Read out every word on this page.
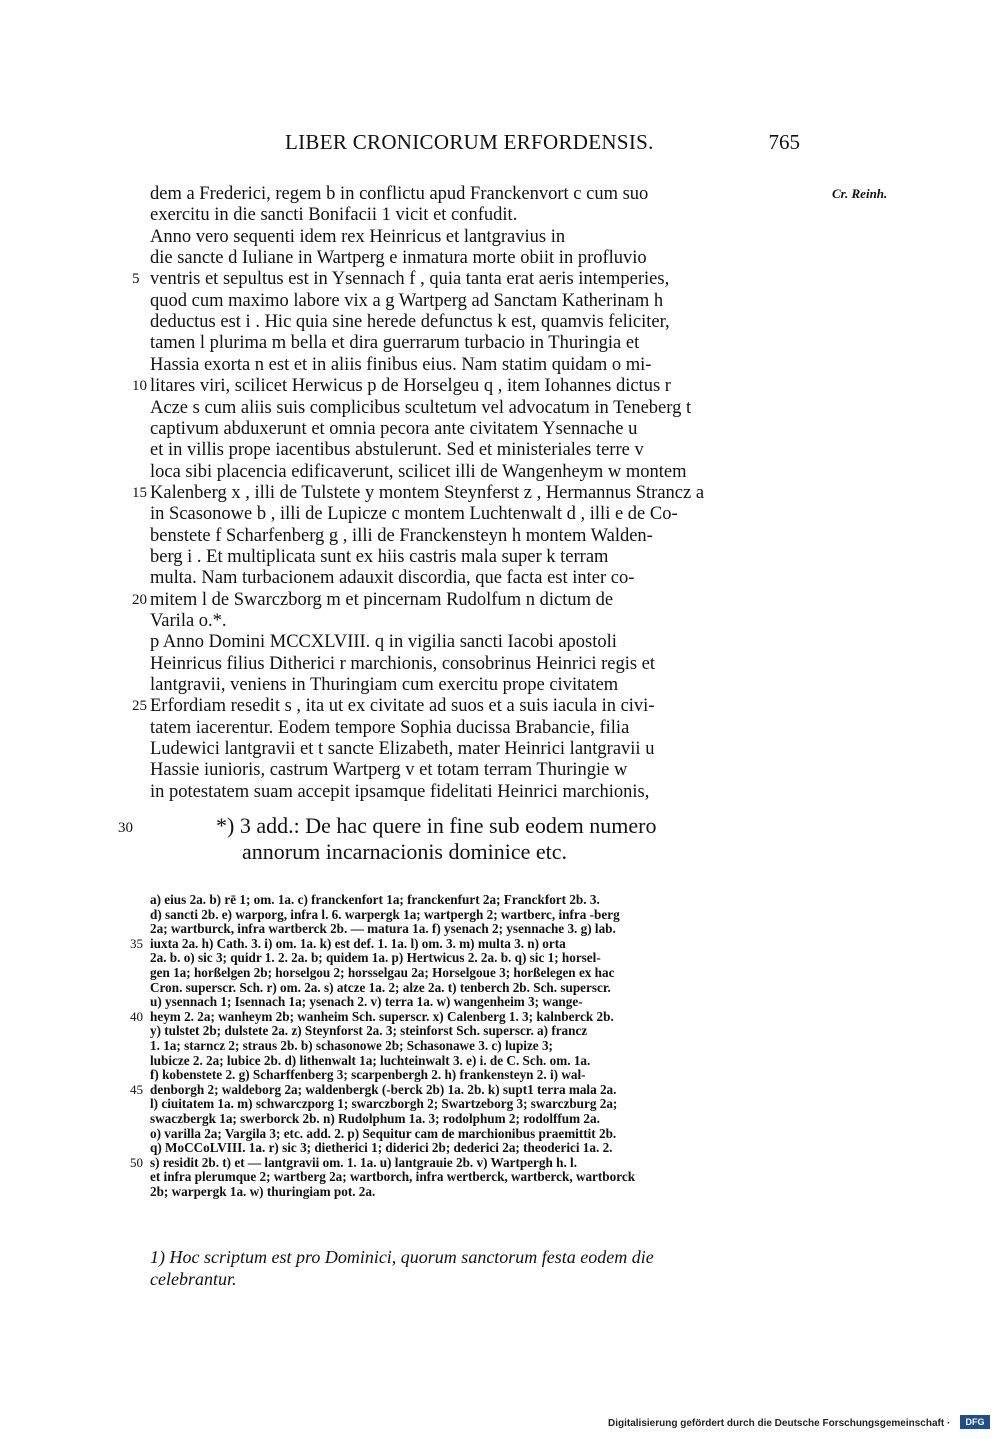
LIBER CRONICORUM ERFORDENSIS.	765
Cr. Reinh.
dem a Frederici, regem b in conflictu apud Franckenvort c cum suo
exercitu in die sancti Bonifacii 1 vicit et confudit.
Anno vero sequenti idem rex Heinricus et lantgravius in
die sancte d Iuliane in Wartperg e inmatura morte obiit in profluvio
5 ventris et sepultus est in Ysennach f , quia tanta erat aeris intemperies,
quod cum maximo labore vix a g Wartperg ad Sanctam Katherinam h
deductus est i . Hic quia sine herede defunctus k est, quamvis feliciter,
tamen l plurima m bella et dira guerrarum turbacio in Thuringia et
Hassia exorta n est et in aliis finibus eius. Nam statim quidam o mi-
10 litares viri, scilicet Herwicus p de Horselgeu q , item Iohannes dictus r
Acze s cum aliis suis complicibus scultetum vel advocatum in Teneberg t
captivum abduxerunt et omnia pecora ante civitatem Ysennache u
et in villis prope iacentibus abstulerunt. Sed et ministeriales terre v
loca sibi placencia edificaverunt, scilicet illi de Wangenheym w montem
15 Kalenberg x , illi de Tulstete y montem Steynferst z , Hermannus Strancz a
in Scasonowe b , illi de Lupicze c montem Luchtenwalt d , illi e de Co-
benstete f Scharfenberg g , illi de Franckensteyn h montem Walden-
berg i . Et multiplicata sunt ex hiis castris mala super k terram
multa. Nam turbacionem adauxit discordia, que facta est inter co-
20 mitem l de Swarczborg m et pincernam Rudolfum n dictum de
Varila o.*.
p Anno Domini MCCXLVIII. q in vigilia sancti Iacobi apostoli
Heinricus filius Ditherici r marchionis, consobrinus Heinrici regis et
lantgravii, veniens in Thuringiam cum exercitu prope civitatem
25 Erfordiam resedit s , ita ut ex civitate ad suos et a suis iacula in civi-
tatem iacerentur. Eodem tempore Sophia ducissa Brabancie, filia
Ludewici lantgravii et t sancte Elizabeth, mater Heinrici lantgravii u
Hassie iunioris, castrum Wartperg v et totam terram Thuringie w
in potestatem suam accepit ipsamque fidelitati Heinrici marchionis,
30	*) 3 add.: De hac quere in fine sub eodem numero
annorum incarnacionis dominice etc.
a) eius 2a. b) rē 1; om. 1a. c) franckenfort 1a; franckenfurt 2a; Franckfort 2b. 3.
d) sancti 2b. e) warporg, infra l. 6. warpergk 1a; wartpergh 2; wartberc, infra -berg
2a; wartburck, infra wartberck 2b. — matura 1a. f) ysenach 2; ysennache 3. g) lab.
35 iuxta 2a. h) Cath. 3. i) om. 1a. k) est def. 1. 1a. l) om. 3. m) multa 3. n) orta
2a. b. o) sic 3; quidr 1. 2. 2a. b; quidem 1a. p) Hertwicus 2. 2a. b. q) sic 1; horsel-
gen 1a; horßelgen 2b; horselgou 2; horsselgau 2a; Horselgoue 3; horßelegen ex hac
Cron. superscr. Sch. r) om. 2a. s) atcze 1a. 2; alze 2a. t) tenberch 2b. Sch. superscr.
u) ysennach 1; Isennach 1a; ysenach 2. v) terra 1a. w) wangenheim 3; wange-
40 heym 2. 2a; wanheym 2b; wanheim Sch. superscr. x) Calenberg 1. 3; kalnberck 2b.
y) tulstet 2b; dulstete 2a. z) Steynforst 2a. 3; steinforst Sch. superscr. a) francz
1. 1a; starncz 2; straus 2b. b) schasonowe 2b; Schasonawe 3. c) lupize 3;
lubicze 2. 2a; lubice 2b. d) lithenwalt 1a; luchteinwalt 3. e) i. de C. Sch. om. 1a.
f) kobenstete 2. g) Scharffenberg 3; scarpenbergh 2. h) frankensteyn 2. i) wal-
45 denborgh 2; waldeborg 2a; waldenbergk (-berck 2b) 1a. 2b. k) supt1 terra mala 2a.
l) ciuitatem 1a. m) schwarczporg 1; swarczborgh 2; Swartzeborg 3; swarczburg 2a;
swaczbergk 1a; swerborck 2b. n) Rudolphum 1a. 3; rodolphum 2; rodolffum 2a.
o) varilla 2a; Vargila 3; etc. add. 2. p) Sequitur cam de marchionibus praemittit 2b.
q) MoCCoLVIII. 1a. r) sic 3; dietherici 1; diderici 2b; dederici 2a; theoderici 1a. 2.
50 s) residit 2b. t) et — lantgravii om. 1. 1a. u) lantgrauie 2b. v) Wartpergh h. l.
et infra plerumque 2; wartberg 2a; wartborch, infra wertberck, wartberck, wartborck
2b; warpergk 1a. w) thuringiam pot. 2a.
1) Hoc scriptum est pro Dominici, quorum sanctorum festa eodem die
celebrantur.
Digitalisierung gefördert durch die Deutsche Forschungsgemeinschaft ·	DFG
